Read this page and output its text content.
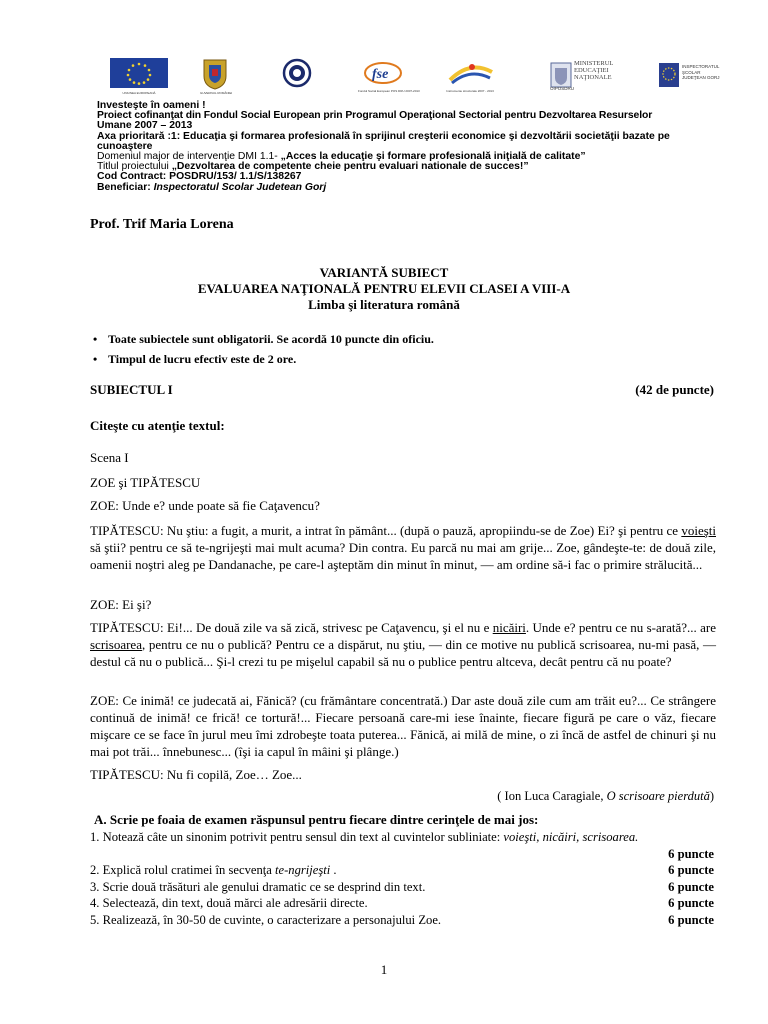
UNIUNEA EUROPEANĂ	GUVERNUL ROMÂNIEI
fse
Fondul Social European POS DRU 2007-2013	Instrumente structurale 2007 - 2013
MINISTERUL
EDUCAŢIEI
NAŢIONALE
OIPOSDRU
INSPECTORATUL ŞCOLAR JUDEŢEAN GORJ
Investeşte în oameni !
Proiect cofinanţat din Fondul Social European prin Programul Operaţional Sectorial pentru Dezvoltarea Resurselor
Umane 2007 – 2013
Axa prioritară :1: Educaţia şi formarea profesională în sprijinul creşterii economice şi dezvoltării societăţii bazate pe
cunoaştere
Domeniul major de intervenţie DMI 1.1- „Acces la educaţie şi formare profesională iniţială de calitate”
Titlul proiectului „Dezvoltarea de competente cheie pentru evaluari nationale de succes!”
Cod Contract: POSDRU/153/ 1.1/S/138267
Beneficiar: Inspectoratul Scolar Judetean Gorj
Prof. Trif Maria Lorena
VARIANTĂ SUBIECT
EVALUAREA NAŢIONALĂ PENTRU ELEVII CLASEI A VIII-A
Limba şi literatura română
• Toate subiectele sunt obligatorii. Se acordă 10 puncte din oficiu.
• Timpul de lucru efectiv este de 2 ore.
SUBIECTUL I	(42 de puncte)
Citeşte cu atenţie textul:
Scena I
ZOE şi TIPĂTESCU
ZOE: Unde e? unde poate să fie Caţavencu?
TIPĂTESCU: Nu ştiu: a fugit, a murit, a intrat în pământ... (după o pauză, apropiindu-se de Zoe) Ei? şi pentru ce voieşti să ştii? pentru ce să te-ngrijeşti mai mult acuma? Din contra. Eu parcă nu mai am grije... Zoe, gândeşte-te: de două zile, oamenii noştri aleg pe Dandanache, pe care-l aşteptăm din minut în minut, — am ordine să-i fac o primire strălucită...
ZOE: Ei şi?
TIPĂTESCU: Ei!... De două zile va să zică, strivesc pe Caţavencu, şi el nu e nicăiri. Unde e? pentru ce nu s-arată?... are scrisoarea, pentru ce nu o publică? Pentru ce a dispărut, nu ştiu, — din ce motive nu publică scrisoarea, nu-mi pasă, — destul că nu o publică... Şi-l crezi tu pe mişelul capabil să nu o publice pentru altceva, decât pentru că nu poate?
ZOE: Ce inimă! ce judecată ai, Fănică? (cu frământare concentrată.) Dar aste două zile cum am trăit eu?... Ce strângere continuă de inimă! ce frică! ce tortură!... Fiecare persoană care-mi iese înainte, fiecare figură pe care o văz, fiecare mişcare ce se face în jurul meu îmi zdrobeşte toata puterea... Fănică, ai milă de mine, o zi încă de astfel de chinuri şi nu mai pot trăi... înnebunesc... (îşi ia capul în mâini şi plânge.)
TIPĂTESCU: Nu fi copilă, Zoe… Zoe...
( Ion Luca Caragiale, O scrisoare pierdută)
A. Scrie pe foaia de examen răspunsul pentru fiecare dintre cerinţele de mai jos:
1. Notează câte un sinonim potrivit pentru sensul din text al cuvintelor subliniate: voieşti, nicăiri, scrisoarea.
6 puncte
2. Explică rolul cratimei în secvenţa te-ngrijeşti .	6 puncte
3. Scrie două trăsături ale genului dramatic ce se desprind din text.	6 puncte
4. Selectează, din text, două mărci ale adresării directe.	6 puncte
5. Realizează, în 30-50 de cuvinte, o caracterizare a personajului Zoe.	6 puncte
1
